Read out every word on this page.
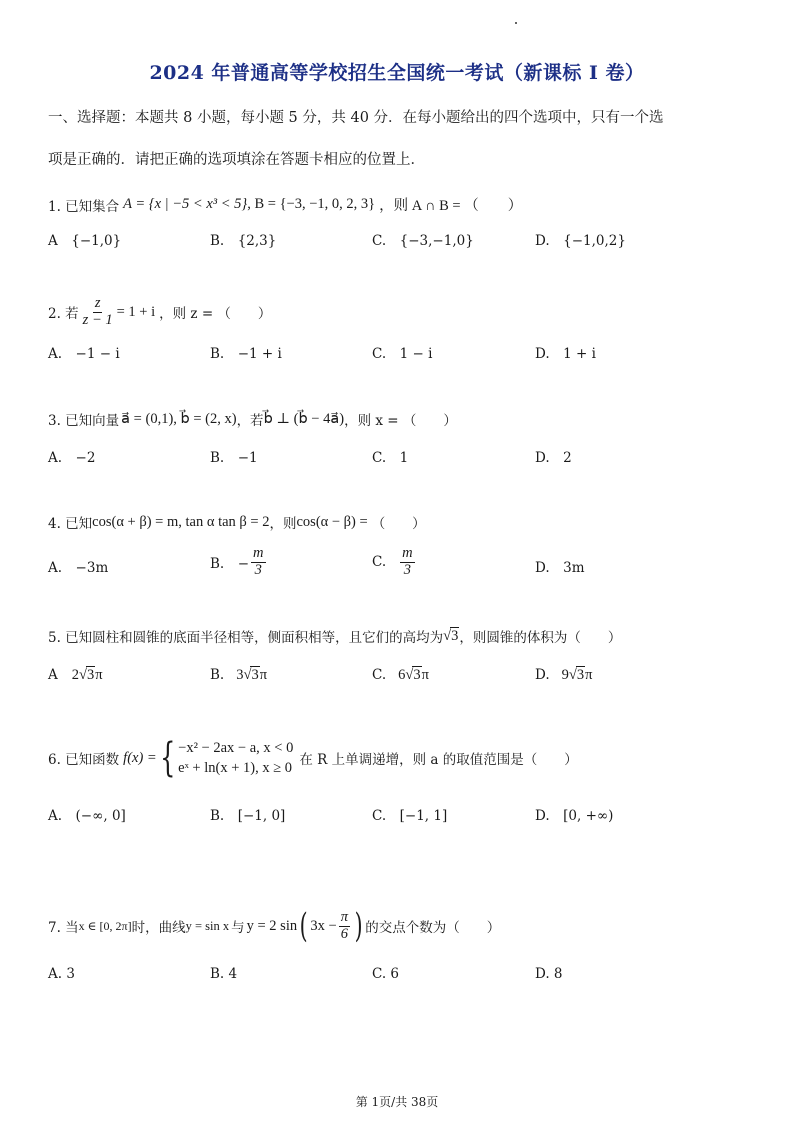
2024 年普通高等学校招生全国统一考试（新课标 I 卷）
一、选择题：本题共 8 小题，每小题 5 分，共 40 分．在每小题给出的四个选项中，只有一个选
项是正确的．请把正确的选项填涂在答题卡相应的位置上．
1. 已知集合 A = {x | −5 < x³ < 5} , B = {−3, −1, 0, 2, 3} ，则 A ∩ B = （　　）
A　{−1,0}	B.　{2,3}	C.　{−3,−1,0}	D.　{−1,0,2}
2. 若 $\frac{z}{z - 1} = 1 + i$ ，则 z = （　　）
A.　−1 − i	B.　−1 + i	C.　1 − i	D.　1 + i
3. 已知向量 a⃗ = (0,1), b⃗ = (2, x) ，若 b⃗ ⊥ (b⃗ − 4a⃗) ，则 x = （　　）
A.　−2	B.　−1	C.　1	D.　2
4. 已知 cos(α + β) = m, tan α tan β = 2 ，则 cos(α − β) = （　　）
A.　−3m	B.　− $\frac{m}{3}$	C. $\frac{m}{3}$	D.　3m
5. 已知圆柱和圆锥的底面半径相等，侧面积相等，且它们的高均为 √3 ，则圆锥的体积为（　　）
A 2√3π	B. 3√3π	C. 6√3π	D. 9√3π
6. 已知函数 f(x) = { −x² − 2ax − a, x < 0
eˣ + ln(x + 1), x ≥ 0 在 R 上单调递增，则 a 的取值范围是（　　）
A.　(−∞, 0]	B.　[−1, 0]	C.　[−1, 1]	D.　[0, +∞)
7. 当 x ∈ [0, 2π] 时，曲线 y = sin x 与 y = 2 sin ( $3x - \frac{\pi}{6}$ ) 的交点个数为（　　）
A. 3	B. 4	C. 6	D. 8
第 1页/共 38页
